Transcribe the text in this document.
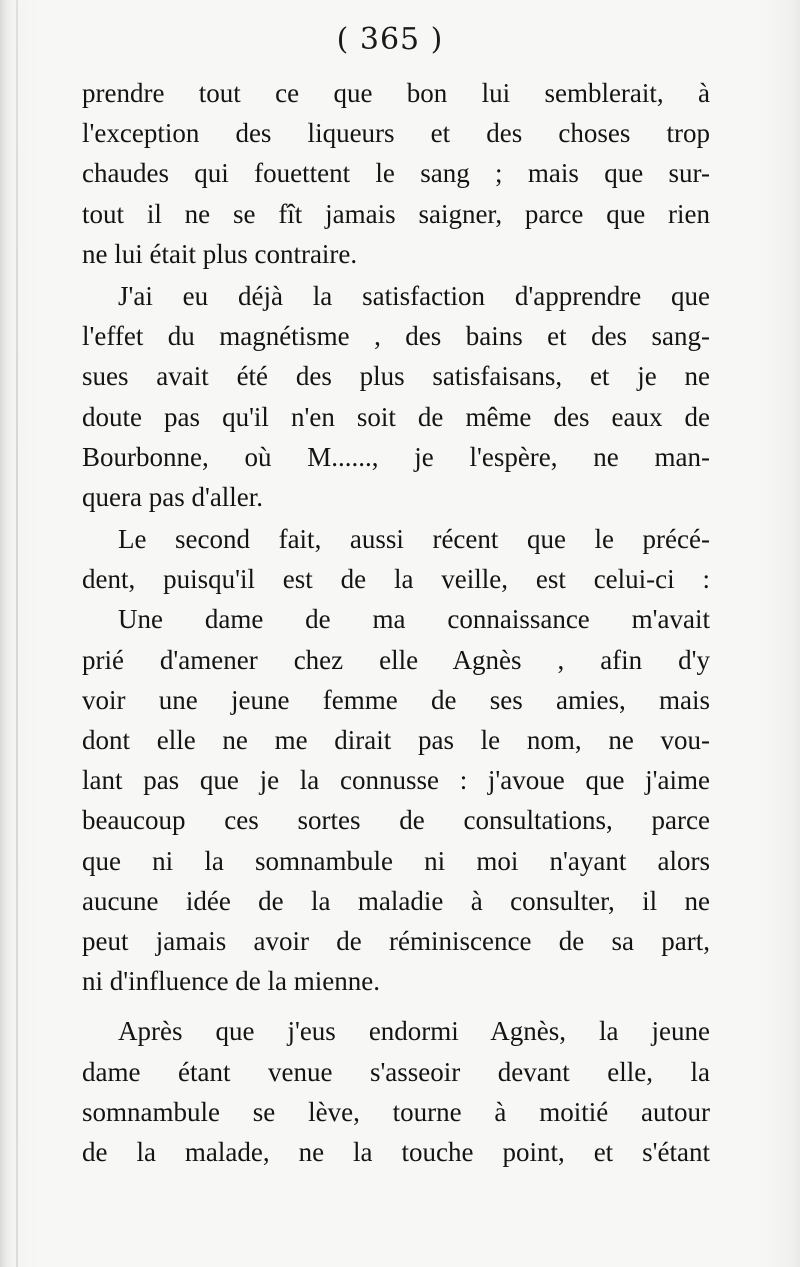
( 365 )
prendre tout ce que bon lui semblerait, à
l'exception des liqueurs et des choses trop
chaudes qui fouettent le sang ; mais que sur-
tout il ne se fît jamais saigner, parce que rien
ne lui était plus contraire.
J'ai eu déjà la satisfaction d'apprendre que
l'effet du magnétisme , des bains et des sang-
sues avait été des plus satisfaisans, et je ne
doute pas qu'il n'en soit de même des eaux de
Bourbonne, où M......, je l'espère, ne man-
quera pas d'aller.
Le second fait, aussi récent que le précé-
dent, puisqu'il est de la veille, est celui-ci :
Une dame de ma connaissance m'avait
prié d'amener chez elle Agnès , afin d'y
voir une jeune femme de ses amies, mais
dont elle ne me dirait pas le nom, ne vou-
lant pas que je la connusse : j'avoue que j'aime
beaucoup ces sortes de consultations, parce
que ni la somnambule ni moi n'ayant alors
aucune idée de la maladie à consulter, il ne
peut jamais avoir de réminiscence de sa part,
ni d'influence de la mienne.
Après que j'eus endormi Agnès, la jeune
dame étant venue s'asseoir devant elle, la
somnambule se lève, tourne à moitié autour
de la malade, ne la touche point, et s'étant
